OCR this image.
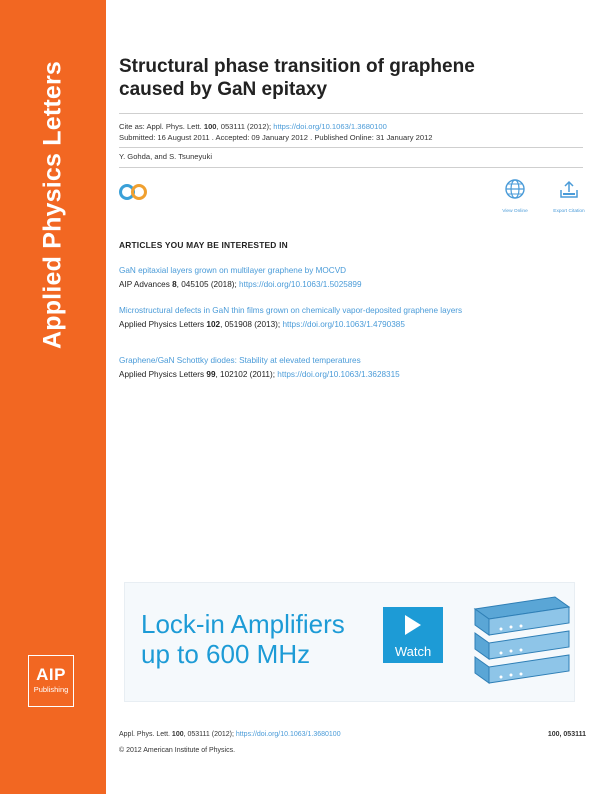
Applied Physics Letters
AIP
Publishing
Structural phase transition of graphene caused by GaN epitaxy
Cite as: Appl. Phys. Lett. 100, 053111 (2012); https://doi.org/10.1063/1.3680100
Submitted: 16 August 2011 . Accepted: 09 January 2012 . Published Online: 31 January 2012
Y. Gohda, and S. Tsuneyuki
View Online	Export Citation
ARTICLES YOU MAY BE INTERESTED IN
GaN epitaxial layers grown on multilayer graphene by MOCVD
AIP Advances 8, 045105 (2018); https://doi.org/10.1063/1.5025899
Microstructural defects in GaN thin films grown on chemically vapor-deposited graphene layers
Applied Physics Letters 102, 051908 (2013); https://doi.org/10.1063/1.4790385
Graphene/GaN Schottky diodes: Stability at elevated temperatures
Applied Physics Letters 99, 102102 (2011); https://doi.org/10.1063/1.3628315
Lock-in Amplifiers
up to 600 MHz	Watch
Appl. Phys. Lett. 100, 053111 (2012); https://doi.org/10.1063/1.3680100	100, 053111
© 2012 American Institute of Physics.
